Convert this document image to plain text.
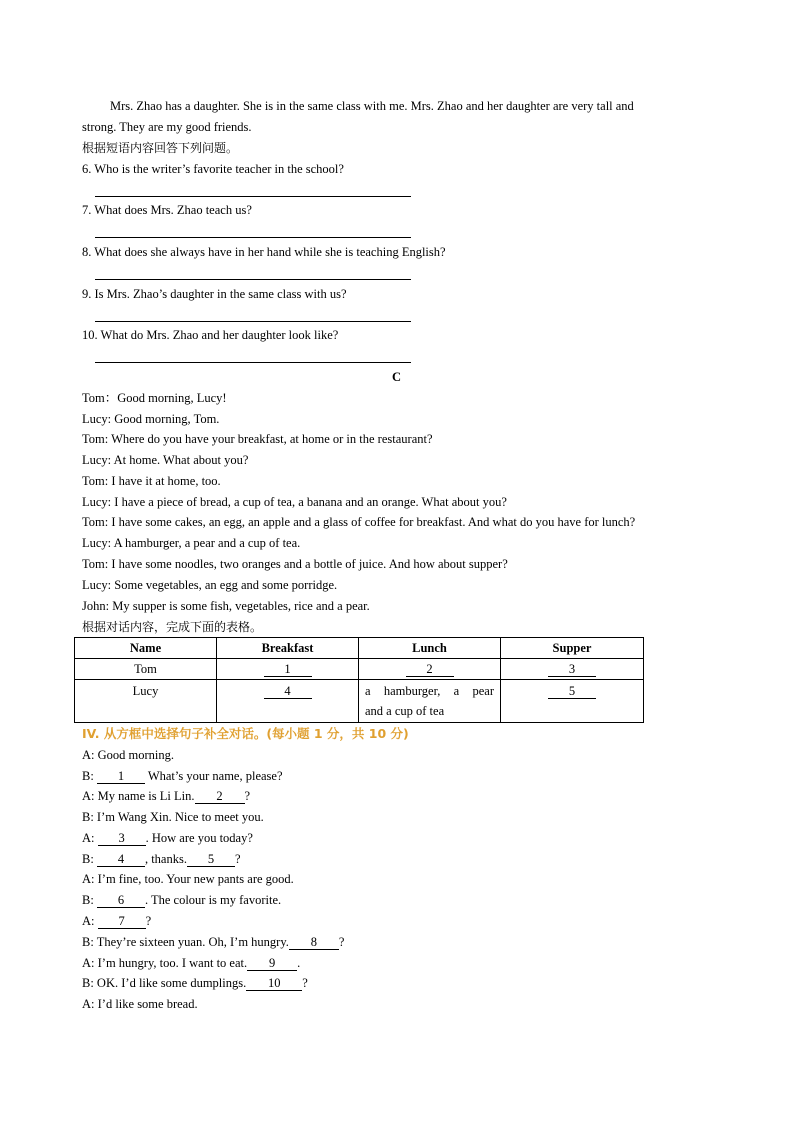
Mrs. Zhao has a daughter. She is in the same class with me. Mrs. Zhao and her daughter are very tall and
strong. They are my good friends.
根据短语内容回答下列问题。
6. Who is the writer’s favorite teacher in the school?
7. What does Mrs. Zhao teach us?
8. What does she always have in her hand while she is teaching English?
9. Is Mrs. Zhao’s daughter in the same class with us?
10. What do Mrs. Zhao and her daughter look like?
C
Tom：Good morning, Lucy!
Lucy: Good morning, Tom.
Tom: Where do you have your breakfast, at home or in the restaurant?
Lucy: At home. What about you?
Tom: I have it at home, too.
Lucy: I have a piece of bread, a cup of tea, a banana and an orange. What about you?
Tom: I have some cakes, an egg, an apple and a glass of coffee for breakfast. And what do you have for lunch?
Lucy: A hamburger, a pear and a cup of tea.
Tom: I have some noodles, two oranges and a bottle of juice. And how about supper?
Lucy: Some vegetables, an egg and some porridge.
John: My supper is some fish, vegetables, rice and a pear.
根据对话内容，完成下面的表格。
Name	Breakfast	Lunch	Supper
Tom	1	2	3
Lucy	4	a hamburger, a pear
and a cup of tea	5
IV. 从方框中选择句子补全对话。(每小题 1 分，共 10 分)
A: Good morning.
B: 1 What’s your name, please?
A: My name is Li Lin. 2 ?
B: I’m Wang Xin. Nice to meet you.
A: 3 . How are you today?
B: 4 , thanks. 5 ?
A: I’m fine, too. Your new pants are good.
B: 6 . The colour is my favorite.
A: 7 ?
B: They’re sixteen yuan. Oh, I’m hungry. 8 ?
A: I’m hungry, too. I want to eat. 9 .
B: OK. I’d like some dumplings. 10 ?
A: I’d like some bread.
